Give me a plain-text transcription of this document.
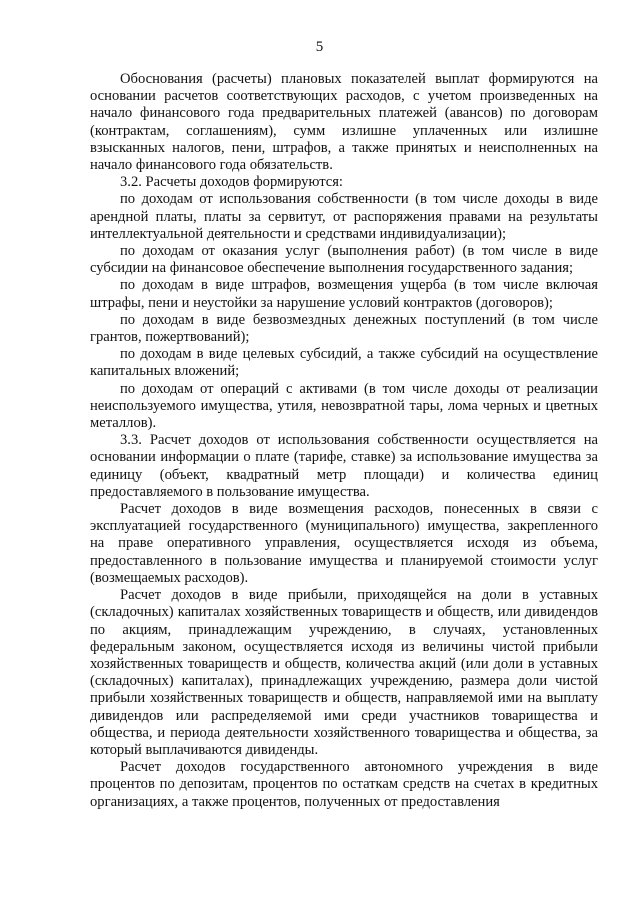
5

Обоснования (расчеты) плановых показателей выплат формируются на основании расчетов соответствующих расходов, с учетом произведенных на начало финансового года предварительных платежей (авансов) по договорам (контрактам, соглашениям), сумм излишне уплаченных или излишне взысканных налогов, пени, штрафов, а также принятых и неисполненных на начало финансового года обязательств.

3.2. Расчеты доходов формируются:

по доходам от использования собственности (в том числе доходы в виде арендной платы, платы за сервитут, от распоряжения правами на результаты интеллектуальной деятельности и средствами индивидуализации);

по доходам от оказания услуг (выполнения работ) (в том числе в виде субсидии на финансовое обеспечение выполнения государственного задания;

по доходам в виде штрафов, возмещения ущерба (в том числе включая штрафы, пени и неустойки за нарушение условий контрактов (договоров);

по доходам в виде безвозмездных денежных поступлений (в том числе грантов, пожертвований);

по доходам в виде целевых субсидий, а также субсидий на осуществление капитальных вложений;

по доходам от операций с активами (в том числе доходы от реализации неиспользуемого имущества, утиля, невозвратной тары, лома черных и цветных металлов).

3.3. Расчет доходов от использования собственности осуществляется на основании информации о плате (тарифе, ставке) за использование имущества за единицу (объект, квадратный метр площади) и количества единиц предоставляемого в пользование имущества.

Расчет доходов в виде возмещения расходов, понесенных в связи с эксплуатацией государственного (муниципального) имущества, закрепленного на праве оперативного управления, осуществляется исходя из объема, предоставленного в пользование имущества и планируемой стоимости услуг (возмещаемых расходов).

Расчет доходов в виде прибыли, приходящейся на доли в уставных (складочных) капиталах хозяйственных товариществ и обществ, или дивидендов по акциям, принадлежащим учреждению, в случаях, установленных федеральным законом, осуществляется исходя из величины чистой прибыли хозяйственных товариществ и обществ, количества акций (или доли в уставных (складочных) капиталах), принадлежащих учреждению, размера доли чистой прибыли хозяйственных товариществ и обществ, направляемой ими на выплату дивидендов или распределяемой ими среди участников товарищества и общества, и периода деятельности хозяйственного товарищества и общества, за который выплачиваются дивиденды.

Расчет доходов государственного автономного учреждения в виде процентов по депозитам, процентов по остаткам средств на счетах в кредитных организациях, а также процентов, полученных от предоставления
